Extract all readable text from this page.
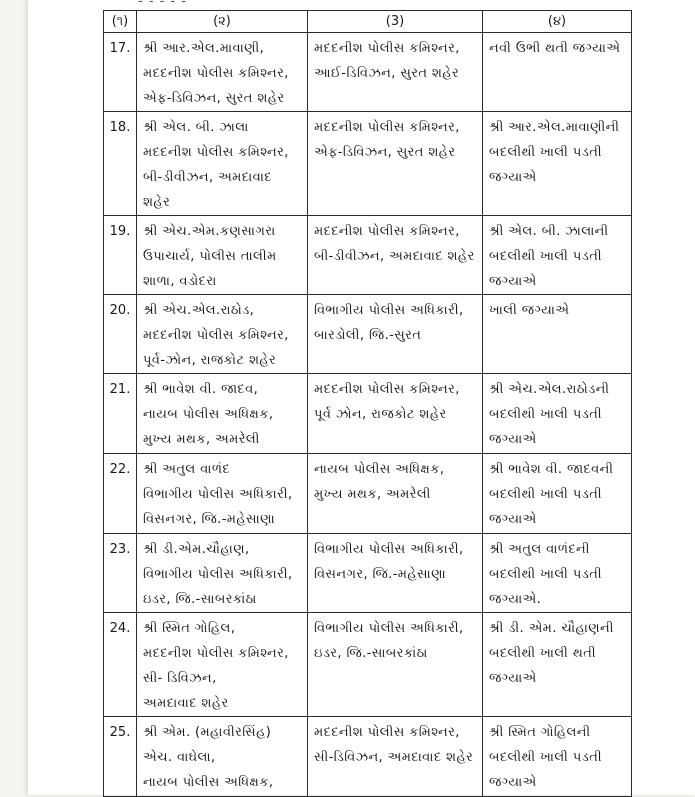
- - - - -
(૧)	(૨)	(3)	(૪)
17.	શ્રી આર.એલ.માવાણી,
મદદનીશ પોલીસ કમિશ્નર,
એફ-ડિવિઝન, સુરત શહેર	મદદનીશ પોલીસ કમિશ્નર,
આઈ-ડિવિઝન, સુરત શહેર	નવી ઉભી થતી જગ્યાએ

18.	શ્રી એલ. બી. ઝાલા
મદદનીશ પોલીસ કમિશ્નર,
બી-ડીવીઝન, અમદાવાદ
શહેર	મદદનીશ પોલીસ કમિશ્નર,
એફ-ડિવિઝન, સુરત શહેર	શ્રી આર.એલ.માવાણીની
બદલીથી ખાલી પડતી
જગ્યાએ

19.	શ્રી એચ.એમ.કણસાગરા
ઉપાચાર્ય, પોલીસ તાલીમ
શાળા, વડોદરા	મદદનીશ પોલીસ કમિશ્નર,
બી-ડીવીઝન, અમદાવાદ શહેર	શ્રી એલ. બી. ઝાલાની
બદલીથી ખાલી પડતી
જગ્યાએ

20.	શ્રી એચ.એલ.રાઠોડ,
મદદનીશ પોલીસ કમિશ્નર,
પૂર્વ-ઝોન, રાજકોટ શહેર	વિભાગીય પોલીસ અધિકારી,
બારડોલી, જિ.-સુરત	ખાલી જગ્યાએ

21.	શ્રી ભાવેશ વી. જાદવ,
નાયબ પોલીસ અધિક્ષક,
મુખ્ય મથક, અમરેલી	મદદનીશ પોલીસ કમિશ્નર,
પૂર્વ ઝોન, રાજકોટ શહેર	શ્રી એચ.એલ.રાઠોડની
બદલીથી ખાલી પડતી
જગ્યાએ

22.	શ્રી અતુલ વાળંદ
વિભાગીય પોલીસ અધિકારી,
વિસનગર, જિ.-મહેસાણા	નાયબ પોલીસ અધિક્ષક,
મુખ્ય મથક, અમરેલી	શ્રી ભાવેશ વી. જાદવની
બદલીથી ખાલી પડતી
જગ્યાએ

23.	શ્રી ડી.એમ.ચૌહાણ,
વિભાગીય પોલીસ અધિકારી,
ઇડર, જિ.-સાબરકાંઠા	વિભાગીય પોલીસ અધિકારી,
વિસનગર, જિ.-મહેસાણા	શ્રી અતુલ વાળંદની
બદલીથી ખાલી પડતી
જગ્યાએ.

24.	શ્રી સ્મિત ગોહિલ,
મદદનીશ પોલીસ કમિશ્નર,
સી- ડિવિઝન,
અમદાવાદ શહેર	વિભાગીય પોલીસ અધિકારી,
ઇડર, જિ.-સાબરકાંઠા	શ્રી ડી. એમ. ચૌહાણની
બદલીથી ખાલી થતી
જગ્યાએ

25.	શ્રી એમ. (મહાવીરસિંહ)
એચ. વાઘેલા,
નાયબ પોલીસ અધિક્ષક,	મદદનીશ પોલીસ કમિશ્નર,
સી-ડિવિઝન, અમદાવાદ શહેર	શ્રી સ્મિત ગોહિલની
બદલીથી ખાલી પડતી
જગ્યાએ
